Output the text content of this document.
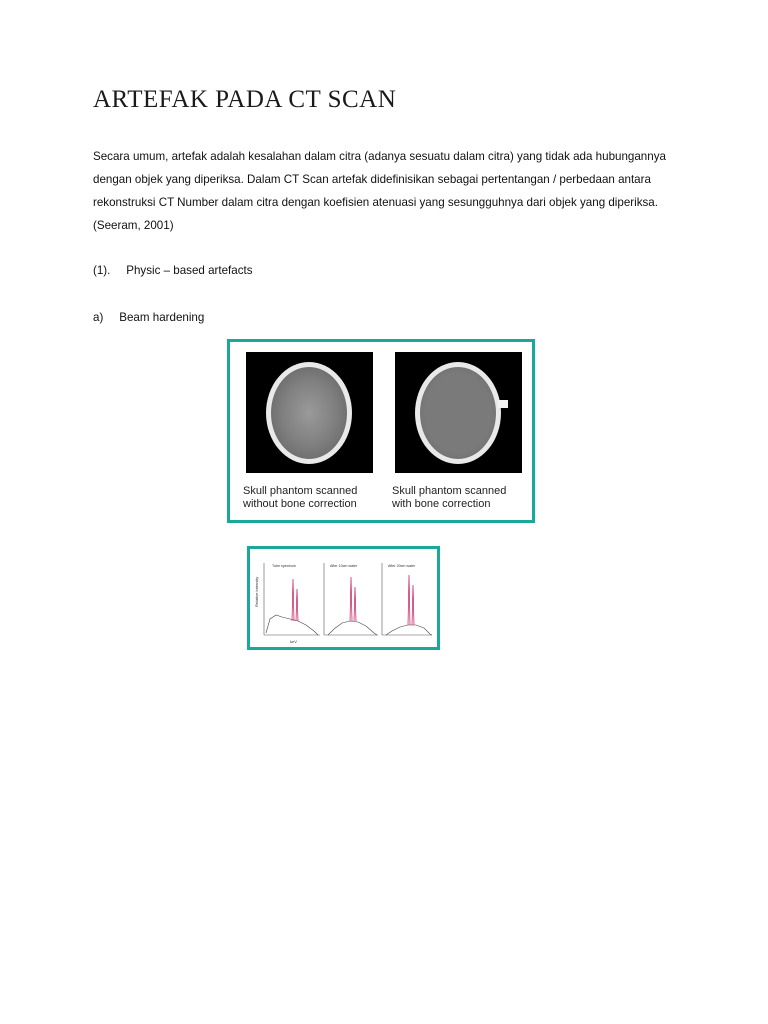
ARTEFAK PADA CT SCAN
Secara umum, artefak adalah kesalahan dalam citra (adanya sesuatu dalam citra) yang tidak ada hubungannya
dengan objek yang diperiksa. Dalam CT Scan artefak didefinisikan sebagai pertentangan / perbedaan antara
rekonstruksi CT Number dalam citra dengan koefisien atenuasi yang sesungguhnya dari objek yang diperiksa.
(Seeram, 2001)
(1). Physic – based artefacts
a) Beam hardening
Skull phantom scanned
without bone correction
Skull phantom scanned
with bone correction
Relative intensity
keV
Tube spectrum	After 10cm water	After 20cm water
